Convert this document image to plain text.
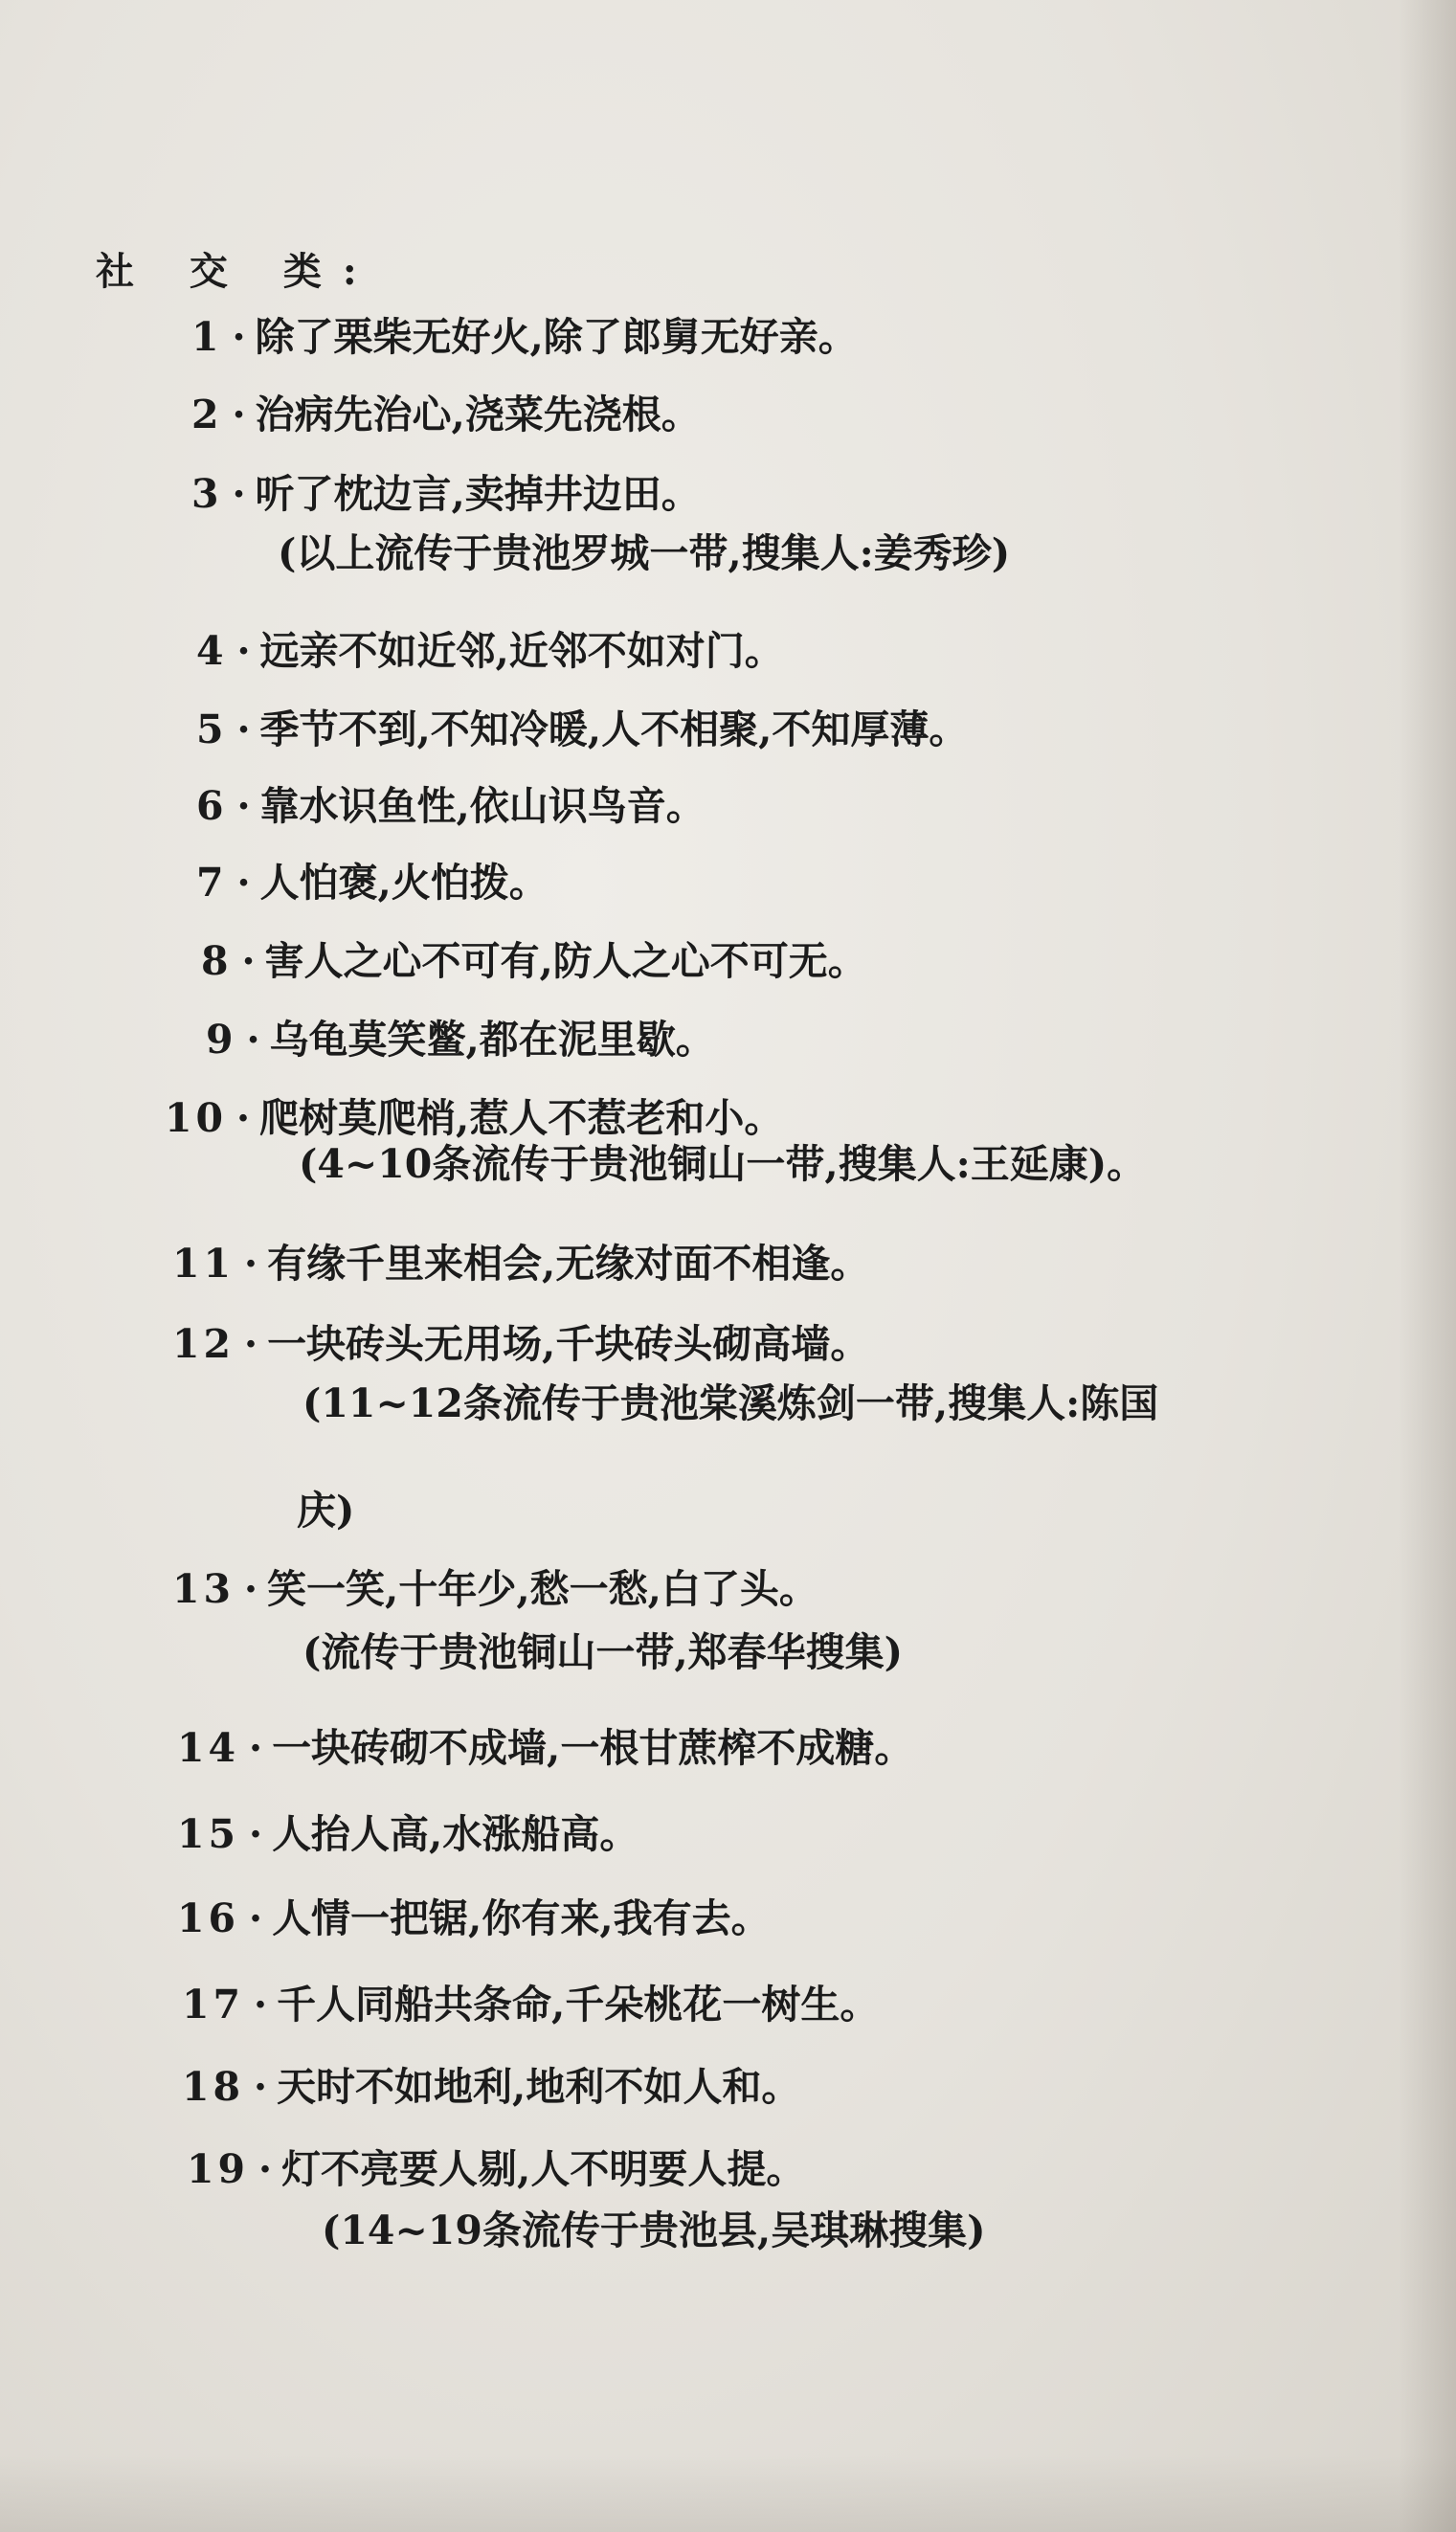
社 交 类:
1 · 除了栗柴无好火,除了郎舅无好亲。
2 · 治病先治心,浇菜先浇根。
3 · 听了枕边言,卖掉井边田。
(以上流传于贵池罗城一带,搜集人:姜秀珍)
4 · 远亲不如近邻,近邻不如对门。
5 · 季节不到,不知冷暖,人不相聚,不知厚薄。
6 · 靠水识鱼性,依山识鸟音。
7 · 人怕褒,火怕拨。
8 · 害人之心不可有,防人之心不可无。
9 · 乌龟莫笑鳖,都在泥里歇。
10 · 爬树莫爬梢,惹人不惹老和小。
(4~10条流传于贵池铜山一带,搜集人:王延康)。
11 · 有缘千里来相会,无缘对面不相逢。
12 · 一块砖头无用场,千块砖头砌高墙。
(11~12条流传于贵池棠溪炼剑一带,搜集人:陈国
庆)
13 · 笑一笑,十年少,愁一愁,白了头。
(流传于贵池铜山一带,郑春华搜集)
14 · 一块砖砌不成墙,一根甘蔗榨不成糖。
15 · 人抬人高,水涨船高。
16 · 人情一把锯,你有来,我有去。
17 · 千人同船共条命,千朵桃花一树生。
18 · 天时不如地利,地利不如人和。
19 · 灯不亮要人剔,人不明要人提。
(14~19条流传于贵池县,吴琪琳搜集)
